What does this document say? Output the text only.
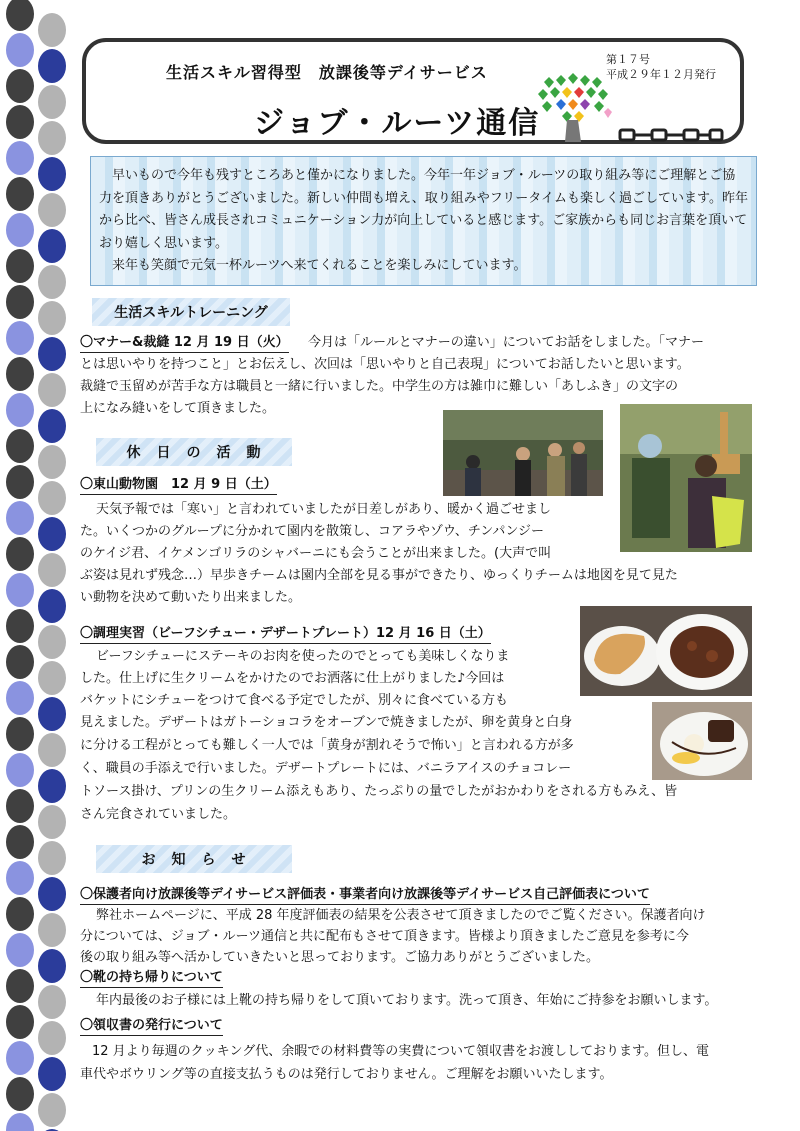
生活スキル習得型　放課後等デイサービス
ジョブ・ルーツ通信
第１７号
平成２９年１２月発行

早いもので今年も残すところあと僅かになりました。今年一年ジョブ・ルーツの取り組み等にご理解とご協力を頂きありがとうございました。新しい仲間も増え、取り組みやフリータイムも楽しく過ごしています。昨年から比べ、皆さん成長されコミュニケーション力が向上していると感じます。ご家族からも同じお言葉を頂いており嬉しく思います。

来年も笑顔で元気一杯ルーツへ来てくれることを楽しみにしています。

生活スキルトレーニング
〇マナー&裁縫 12 月 19 日（火） 今月は「ルールとマナーの違い」についてお話をしました。「マナー

とは思いやりを持つこと」とお伝えし、次回は「思いやりと自己表現」についてお話したいと思います。

裁縫で玉留めが苦手な方は職員と一緒に行いました。中学生の方は雑巾に難しい「あしふき」の文字の

上になみ縫いをして頂きました。

休　日　の　活　動
〇東山動物園　12 月 9 日（土）

天気予報では「寒い」と言われていましたが日差しがあり、暖かく過ごせまし

た。いくつかのグループに分かれて園内を散策し、コアラやゾウ、チンパンジー

のケイジ君、イケメンゴリラのシャバーニにも会うことが出来ました。(大声で叫

ぶ姿は見れず残念…）早歩きチームは園内全部を見る事ができたり、ゆっくりチームは地図を見て見た

い動物を決めて動いたり出来ました。

〇調理実習（ビーフシチュー・デザートプレート）12 月 16 日（土）

ビーフシチューにステーキのお肉を使ったのでとっても美味しくなりま

した。仕上げに生クリームをかけたのでお洒落に仕上がりました♪今回は

バケットにシチューをつけて食べる予定でしたが、別々に食べている方も

見えました。デザートはガトーショコラをオーブンで焼きましたが、卵を黄身と白身

に分ける工程がとっても難しく一人では「黄身が割れそうで怖い」と言われる方が多

く、職員の手添えで行いました。デザートプレートには、バニラアイスのチョコレー

トソース掛け、プリンの生クリーム添えもあり、たっぷりの量でしたがおかわりをされる方もみえ、皆

さん完食されていました。

お　知　ら　せ
〇保護者向け放課後等デイサービス評価表・事業者向け放課後等デイサービス自己評価表について

弊社ホームページに、平成 28 年度評価表の結果を公表させて頂きましたのでご覧ください。保護者向け

分については、ジョブ・ルーツ通信と共に配布もさせて頂きます。皆様より頂きましたご意見を参考に今

後の取り組み等へ活かしていきたいと思っております。ご協力ありがとうございました。

〇靴の持ち帰りについて

年内最後のお子様には上靴の持ち帰りをして頂いております。洗って頂き、年始にご持参をお願いします。

〇領収書の発行について

12 月より毎週のクッキング代、余暇での材料費等の実費について領収書をお渡ししております。但し、電

車代やボウリング等の直接支払うものは発行しておりません。ご理解をお願いいたします。
